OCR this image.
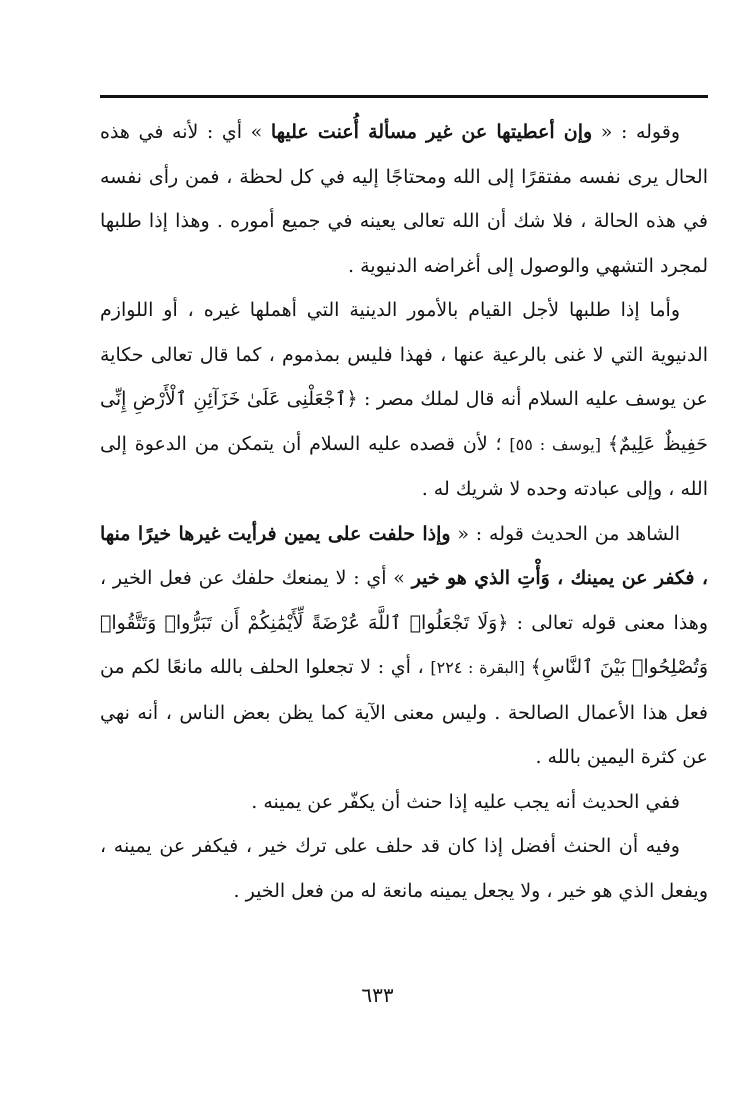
وقوله : « وإن أعطيتها عن غير مسألة أُعنت عليها » أي : لأنه في هذه الحال يرى نفسه مفتقرًا إلى الله ومحتاجًا إليه في كل لحظة ، فمن رأى نفسه في هذه الحالة ، فلا شك أن الله تعالى يعينه في جميع أموره . وهذا إذا طلبها لمجرد التشهي والوصول إلى أغراضه الدنيوية .

وأما إذا طلبها لأجل القيام بالأمور الدينية التي أهملها غيره ، أو اللوازم الدنيوية التي لا غنى بالرعية عنها ، فهذا فليس بمذموم ، كما قال تعالى حكاية عن يوسف عليه السلام أنه قال لملك مصر : ﴿ٱجْعَلْنِى عَلَىٰ خَزَآئِنِ ٱلْأَرْضِ إِنِّى حَفِيظٌ عَلِيمٌ﴾ [يوسف : ٥٥] ؛ لأن قصده عليه السلام أن يتمكن من الدعوة إلى الله ، وإلى عبادته وحده لا شريك له .

الشاهد من الحديث قوله : « وإذا حلفت على يمين فرأيت غيرها خيرًا منها ، فكفر عن يمينك ، وَأْتِ الذي هو خير » أي : لا يمنعك حلفك عن فعل الخير ، وهذا معنى قوله تعالى : ﴿وَلَا تَجْعَلُوا۟ ٱللَّهَ عُرْضَةً لِّأَيْمَٰنِكُمْ أَن تَبَرُّوا۟ وَتَتَّقُوا۟ وَتُصْلِحُوا۟ بَيْنَ ٱلنَّاسِ﴾ [البقرة : ٢٢٤] ، أي : لا تجعلوا الحلف بالله مانعًا لكم من فعل هذا الأعمال الصالحة . وليس معنى الآية كما يظن بعض الناس ، أنه نهي عن كثرة اليمين بالله .

ففي الحديث أنه يجب عليه إذا حنث أن يكفّر عن يمينه .

وفيه أن الحنث أفضل إذا كان قد حلف على ترك خير ، فيكفر عن يمينه ، ويفعل الذي هو خير ، ولا يجعل يمينه مانعة له من فعل الخير .

٦٣٣
